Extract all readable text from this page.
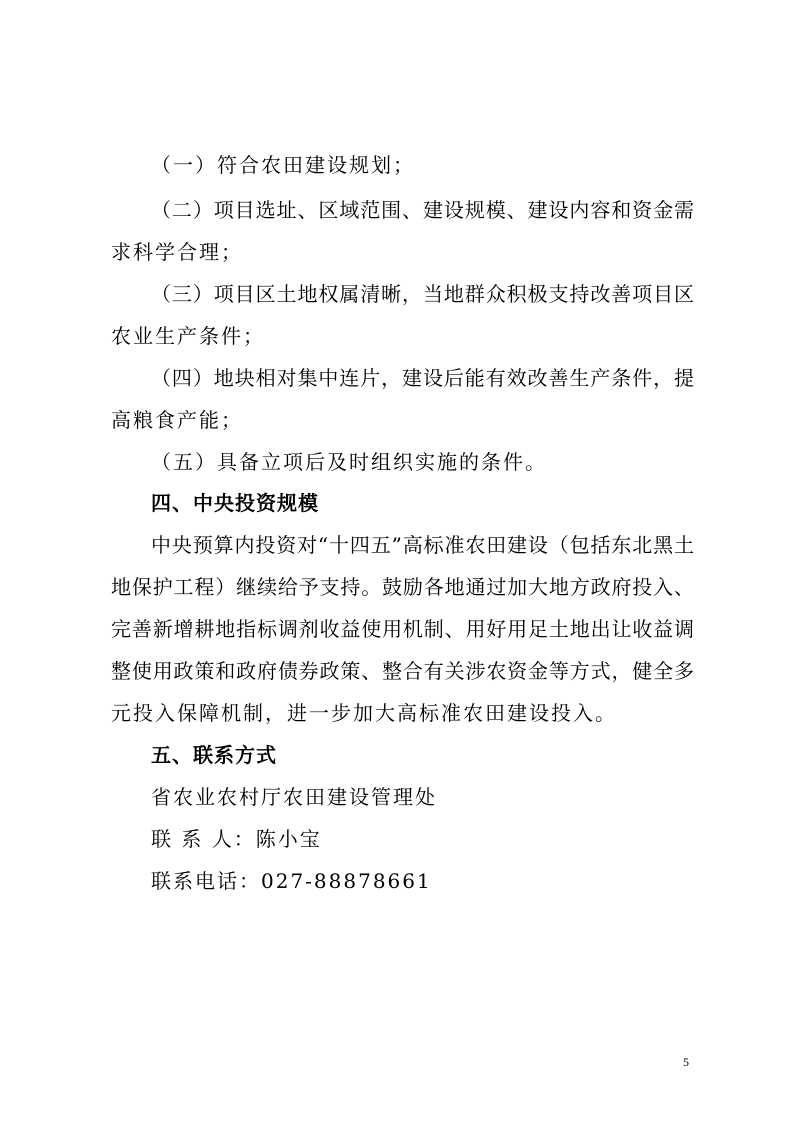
（一）符合农田建设规划；
（二）项目选址、区域范围、建设规模、建设内容和资金需
求科学合理；
（三）项目区土地权属清晰，当地群众积极支持改善项目区
农业生产条件；
（四）地块相对集中连片，建设后能有效改善生产条件，提
高粮食产能；
（五）具备立项后及时组织实施的条件。
四、中央投资规模
中央预算内投资对“十四五”高标准农田建设（包括东北黑土
地保护工程）继续给予支持。鼓励各地通过加大地方政府投入、
完善新增耕地指标调剂收益使用机制、用好用足土地出让收益调
整使用政策和政府债券政策、整合有关涉农资金等方式，健全多
元投入保障机制，进一步加大高标准农田建设投入。
五、联系方式
省农业农村厅农田建设管理处
联 系 人：陈小宝
联系电话：027-88878661
5
